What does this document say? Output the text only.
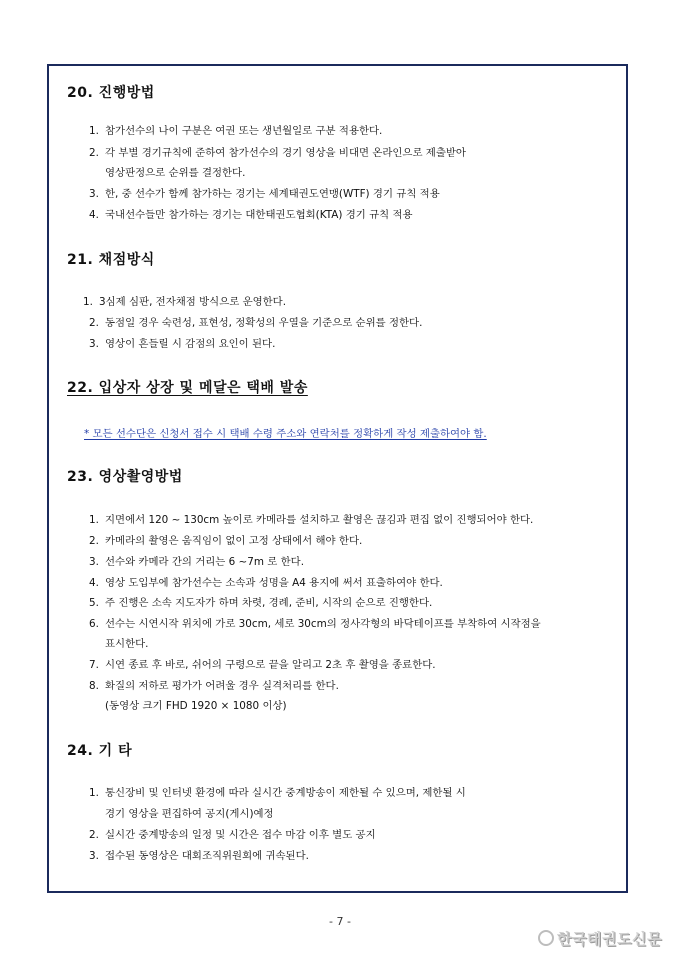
20. 진행방법
1. 참가선수의 나이 구분은 여권 또는 생년월일로 구분 적용한다.
2. 각 부별 경기규칙에 준하여 참가선수의 경기 영상을 비대면 온라인으로 제출받아
영상판정으로 순위를 결정한다.
3. 한, 중 선수가 함께 참가하는 경기는 세계태권도연맹(WTF) 경기 규칙 적용
4. 국내선수들만 참가하는 경기는 대한태권도협회(KTA) 경기 규칙 적용
21. 채점방식
1. 3심제 심판, 전자채점 방식으로 운영한다.
2. 동점일 경우 숙련성, 표현성, 정확성의 우열을 기준으로 순위를 정한다.
3. 영상이 흔들릴 시 감점의 요인이 된다.
22. 입상자 상장 및 메달은 택배 발송
* 모든 선수단은 신청서 접수 시 택배 수령 주소와 연락처를 정확하게 작성 제출하여야 함.
23. 영상촬영방법
1. 지면에서 120 ~ 130cm 높이로 카메라를 설치하고 촬영은 끊김과 편집 없이 진행되어야 한다.
2. 카메라의 촬영은 움직임이 없이 고정 상태에서 해야 한다.
3. 선수와 카메라 간의 거리는 6 ~7m 로 한다.
4. 영상 도입부에 참가선수는 소속과 성명을 A4 용지에 써서 표출하여야 한다.
5. 주 진행은 소속 지도자가 하며 차렷, 경례, 준비, 시작의 순으로 진행한다.
6. 선수는 시연시작 위치에 가로 30cm, 세로 30cm의 정사각형의 바닥테이프를 부착하여 시작점을
표시한다.
7. 시연 종료 후 바로, 쉬어의 구령으로 끝을 알리고 2초 후 촬영을 종료한다.
8. 화질의 저하로 평가가 어려울 경우 실격처리를 한다.
(동영상 크기 FHD 1920 × 1080 이상)
24. 기 타
1. 통신장비 및 인터넷 환경에 따라 실시간 중계방송이 제한될 수 있으며, 제한될 시
경기 영상을 편집하여 공지(게시)예정
2. 실시간 중계방송의 일정 및 시간은 접수 마감 이후 별도 공지
3. 접수된 동영상은 대회조직위원회에 귀속된다.
- 7 -
한국태권도신문
